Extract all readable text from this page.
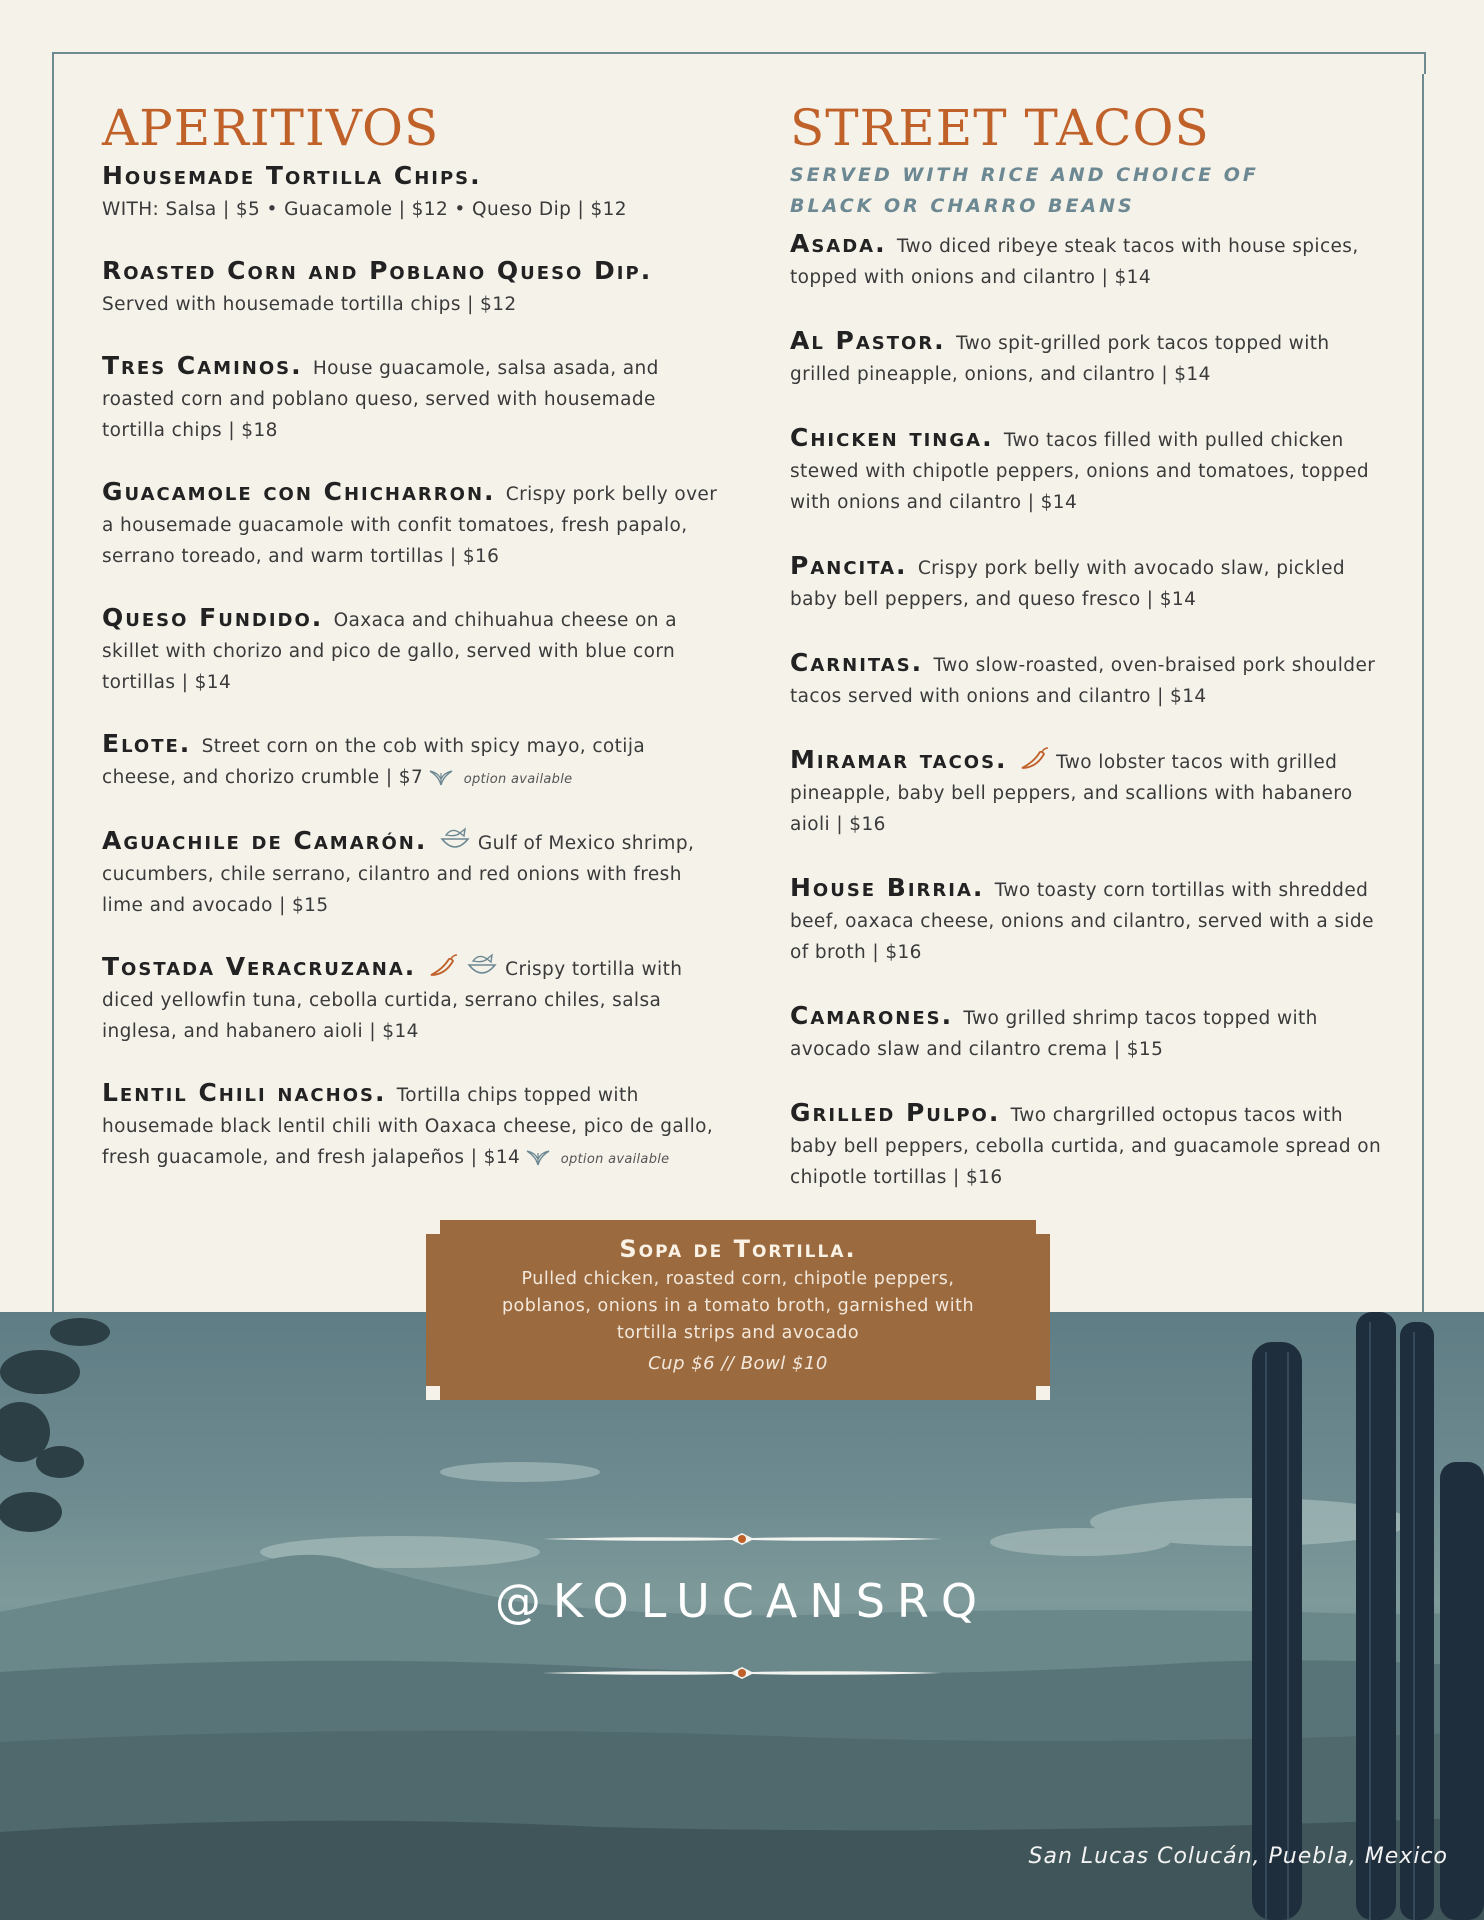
APERITIVOS
Housemade Tortilla Chips.
WITH: Salsa | $5 • Guacamole | $12 • Queso Dip | $12
Roasted Corn and Poblano Queso Dip.
Served with housemade tortilla chips | $12
Tres Caminos. House guacamole, salsa asada, and roasted corn and poblano queso, served with housemade tortilla chips | $18
Guacamole con Chicharron. Crispy pork belly over a housemade guacamole with confit tomatoes, fresh papalo, serrano toreado, and warm tortillas | $16
Queso Fundido. Oaxaca and chihuahua cheese on a skillet with chorizo and pico de gallo, served with blue corn tortillas | $14
Elote. Street corn on the cob with spicy mayo, cotija cheese, and chorizo crumble | $7	option available
Aguachile de Camarón.	Gulf of Mexico shrimp, cucumbers, chile serrano, cilantro and red onions with fresh lime and avocado | $15
Tostada Veracruzana.	Crispy tortilla with diced yellowfin tuna, cebolla curtida, serrano chiles, salsa inglesa, and habanero aioli | $14
Lentil Chili nachos. Tortilla chips topped with housemade black lentil chili with Oaxaca cheese, pico de gallo, fresh guacamole, and fresh jalapeños | $14	option available
STREET TACOS
SERVED WITH RICE AND CHOICE OF BLACK OR CHARRO BEANS
Asada. Two diced ribeye steak tacos with house spices, topped with onions and cilantro | $14
Al Pastor. Two spit-grilled pork tacos topped with grilled pineapple, onions, and cilantro | $14
Chicken tinga. Two tacos filled with pulled chicken stewed with chipotle peppers, onions and tomatoes, topped with onions and cilantro | $14
Pancita. Crispy pork belly with avocado slaw, pickled baby bell peppers, and queso fresco | $14
Carnitas. Two slow-roasted, oven-braised pork shoulder tacos served with onions and cilantro | $14
Miramar tacos.	Two lobster tacos with grilled pineapple, baby bell peppers, and scallions with habanero aioli | $16
House Birria. Two toasty corn tortillas with shredded beef, oaxaca cheese, onions and cilantro, served with a side of broth | $16
Camarones. Two grilled shrimp tacos topped with avocado slaw and cilantro crema | $15
Grilled Pulpo. Two chargrilled octopus tacos with baby bell peppers, cebolla curtida, and guacamole spread on chipotle tortillas | $16
Sopa de Tortilla.
Pulled chicken, roasted corn, chipotle peppers, poblanos, onions in a tomato broth, garnished with tortilla strips and avocado
Cup $6 // Bowl $10
@KOLUCANSRQ
San Lucas Colucán, Puebla, Mexico
